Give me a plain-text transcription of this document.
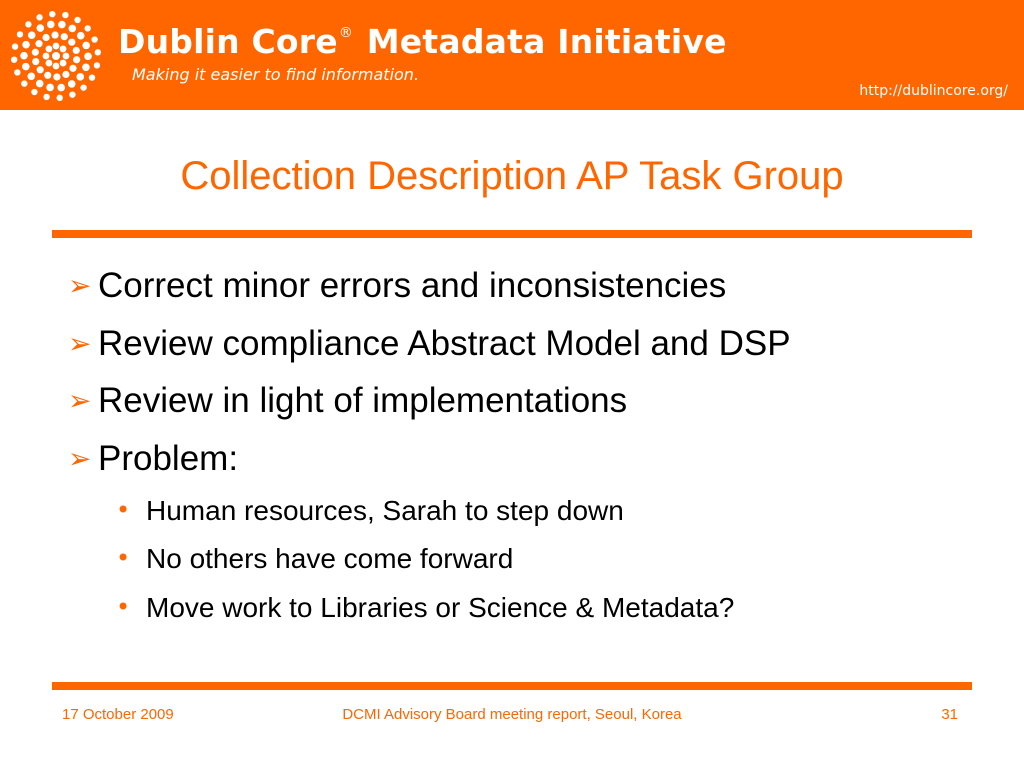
Dublin Core® Metadata Initiative
Making it easier to find information.
http://dublincore.org/
Collection Description AP Task Group
➢ Correct minor errors and inconsistencies
➢ Review compliance Abstract Model and DSP
➢ Review in light of implementations
➢ Problem:
• Human resources, Sarah to step down
• No others have come forward
• Move work to Libraries or Science & Metadata?
17 October 2009	DCMI Advisory Board meeting report, Seoul, Korea	31
